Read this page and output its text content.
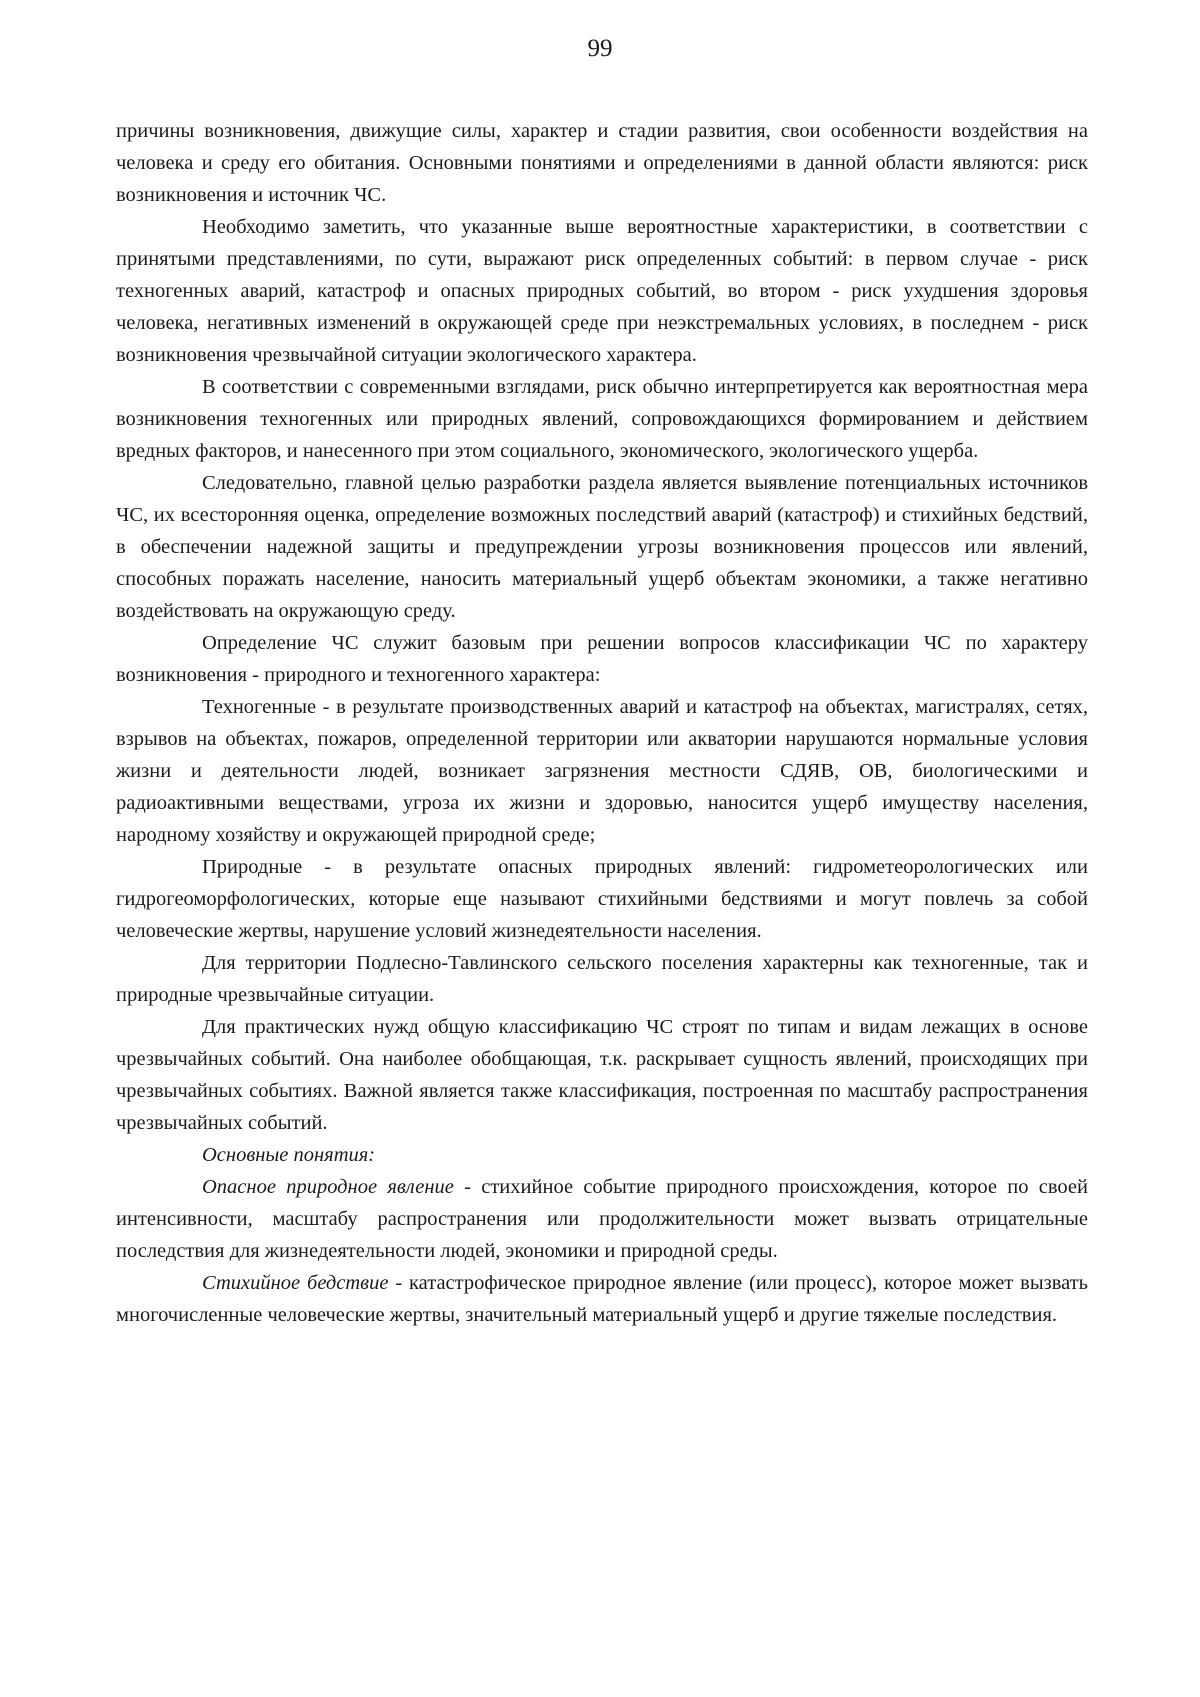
99

причины возникновения, движущие силы, характер и стадии развития, свои особенности воздействия на человека и среду его обитания. Основными понятиями и определениями в данной области являются: риск возникновения и источник ЧС.

Необходимо заметить, что указанные выше вероятностные характеристики, в соответствии с принятыми представлениями, по сути, выражают риск определенных событий: в первом случае - риск техногенных аварий, катастроф и опасных природных событий, во втором - риск ухудшения здоровья человека, негативных изменений в окружающей среде при неэкстремальных условиях, в последнем - риск возникновения чрезвычайной ситуации экологического характера.

В соответствии с современными взглядами, риск обычно интерпретируется как вероятностная мера возникновения техногенных или природных явлений, сопровождающихся формированием и действием вредных факторов, и нанесенного при этом социального, экономического, экологического ущерба.

Следовательно, главной целью разработки раздела является выявление потенциальных источников ЧС, их всесторонняя оценка, определение возможных последствий аварий (катастроф) и стихийных бедствий, в обеспечении надежной защиты и предупреждении угрозы возникновения процессов или явлений, способных поражать население, наносить материальный ущерб объектам экономики, а также негативно воздействовать на окружающую среду.

Определение ЧС служит базовым при решении вопросов классификации ЧС по характеру возникновения - природного и техногенного характера:

Техногенные - в результате производственных аварий и катастроф на объектах, магистралях, сетях, взрывов на объектах, пожаров, определенной территории или акватории нарушаются нормальные условия жизни и деятельности людей, возникает загрязнения местности СДЯВ, ОВ, биологическими и радиоактивными веществами, угроза их жизни и здоровью, наносится ущерб имуществу населения, народному хозяйству и окружающей природной среде;

Природные - в результате опасных природных явлений: гидрометеорологических или гидрогеоморфологических, которые еще называют стихийными бедствиями и могут повлечь за собой человеческие жертвы, нарушение условий жизнедеятельности населения.

Для территории Подлесно-Тавлинского сельского поселения характерны как техногенные, так и природные чрезвычайные ситуации.

Для практических нужд общую классификацию ЧС строят по типам и видам лежащих в основе чрезвычайных событий. Она наиболее обобщающая, т.к. раскрывает сущность явлений, происходящих при чрезвычайных событиях. Важной является также классификация, построенная по масштабу распространения чрезвычайных событий.

Основные понятия:

Опасное природное явление - стихийное событие природного происхождения, которое по своей интенсивности, масштабу распространения или продолжительности может вызвать отрицательные последствия для жизнедеятельности людей, экономики и природной среды.

Стихийное бедствие - катастрофическое природное явление (или процесс), которое может вызвать многочисленные человеческие жертвы, значительный материальный ущерб и другие тяжелые последствия.
